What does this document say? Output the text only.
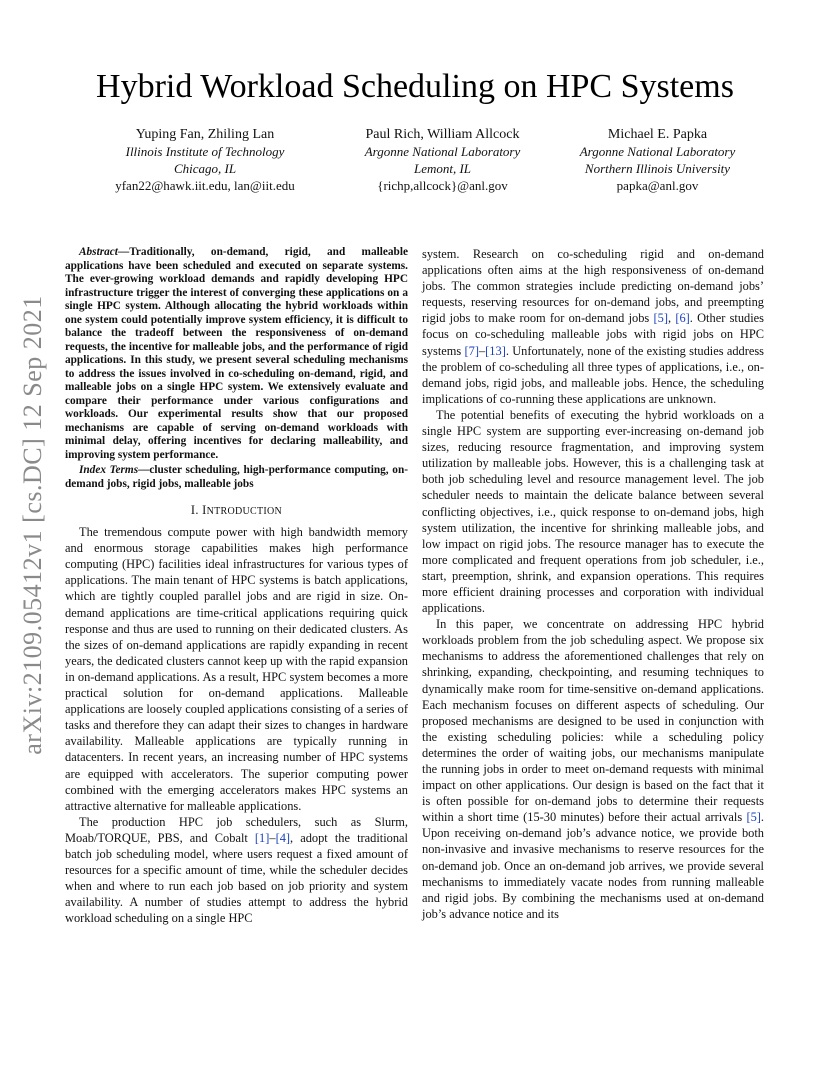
arXiv:2109.05412v1 [cs.DC] 12 Sep 2021
Hybrid Workload Scheduling on HPC Systems
Yuping Fan, Zhiling Lan
Illinois Institute of Technology
Chicago, IL
yfan22@hawk.iit.edu, lan@iit.edu
Paul Rich, William Allcock
Argonne National Laboratory
Lemont, IL
{richp,allcock}@anl.gov
Michael E. Papka
Argonne National Laboratory
Northern Illinois University
papka@anl.gov

Abstract—Traditionally, on-demand, rigid, and malleable applications have been scheduled and executed on separate systems. The ever-growing workload demands and rapidly developing HPC infrastructure trigger the interest of converging these applications on a single HPC system. Although allocating the hybrid workloads within one system could potentially improve system efficiency, it is difficult to balance the tradeoff between the responsiveness of on-demand requests, the incentive for malleable jobs, and the performance of rigid applications. In this study, we present several scheduling mechanisms to address the issues involved in co-scheduling on-demand, rigid, and malleable jobs on a single HPC system. We extensively evaluate and compare their performance under various configurations and workloads. Our experimental results show that our proposed mechanisms are capable of serving on-demand workloads with minimal delay, offering incentives for declaring malleability, and improving system performance.

Index Terms—cluster scheduling, high-performance computing, on-demand jobs, rigid jobs, malleable jobs

I. INTRODUCTION

The tremendous compute power with high bandwidth memory and enormous storage capabilities makes high performance computing (HPC) facilities ideal infrastructures for various types of applications. The main tenant of HPC systems is batch applications, which are tightly coupled parallel jobs and are rigid in size. On-demand applications are time-critical applications requiring quick response and thus are used to running on their dedicated clusters. As the sizes of on-demand applications are rapidly expanding in recent years, the dedicated clusters cannot keep up with the rapid expansion in on-demand applications. As a result, HPC system becomes a more practical solution for on-demand applications. Malleable applications are loosely coupled applications consisting of a series of tasks and therefore they can adapt their sizes to changes in hardware availability. Malleable applications are typically running in datacenters. In recent years, an increasing number of HPC systems are equipped with accelerators. The superior computing power combined with the emerging accelerators makes HPC systems an attractive alternative for malleable applications.

The production HPC job schedulers, such as Slurm, Moab/TORQUE, PBS, and Cobalt [1]–[4], adopt the traditional batch job scheduling model, where users request a fixed amount of resources for a specific amount of time, while the scheduler decides when and where to run each job based on job priority and system availability. A number of studies attempt to address the hybrid workload scheduling on a single HPC

system. Research on co-scheduling rigid and on-demand applications often aims at the high responsiveness of on-demand jobs. The common strategies include predicting on-demand jobs’ requests, reserving resources for on-demand jobs, and preempting rigid jobs to make room for on-demand jobs [5], [6]. Other studies focus on co-scheduling malleable jobs with rigid jobs on HPC systems [7]–[13]. Unfortunately, none of the existing studies address the problem of co-scheduling all three types of applications, i.e., on-demand jobs, rigid jobs, and malleable jobs. Hence, the scheduling implications of co-running these applications are unknown.

The potential benefits of executing the hybrid workloads on a single HPC system are supporting ever-increasing on-demand job sizes, reducing resource fragmentation, and improving system utilization by malleable jobs. However, this is a challenging task at both job scheduling level and resource management level. The job scheduler needs to maintain the delicate balance between several conflicting objectives, i.e., quick response to on-demand jobs, high system utilization, the incentive for shrinking malleable jobs, and low impact on rigid jobs. The resource manager has to execute the more complicated and frequent operations from job scheduler, i.e., start, preemption, shrink, and expansion operations. This requires more efficient draining processes and corporation with individual applications.

In this paper, we concentrate on addressing HPC hybrid workloads problem from the job scheduling aspect. We propose six mechanisms to address the aforementioned challenges that rely on shrinking, expanding, checkpointing, and resuming techniques to dynamically make room for time-sensitive on-demand applications. Each mechanism focuses on different aspects of scheduling. Our proposed mechanisms are designed to be used in conjunction with the existing scheduling policies: while a scheduling policy determines the order of waiting jobs, our mechanisms manipulate the running jobs in order to meet on-demand requests with minimal impact on other applications. Our design is based on the fact that it is often possible for on-demand jobs to determine their requests within a short time (15-30 minutes) before their actual arrivals [5]. Upon receiving on-demand job’s advance notice, we provide both non-invasive and invasive mechanisms to reserve resources for the on-demand job. Once an on-demand job arrives, we provide several mechanisms to immediately vacate nodes from running malleable and rigid jobs. By combining the mechanisms used at on-demand job’s advance notice and its
